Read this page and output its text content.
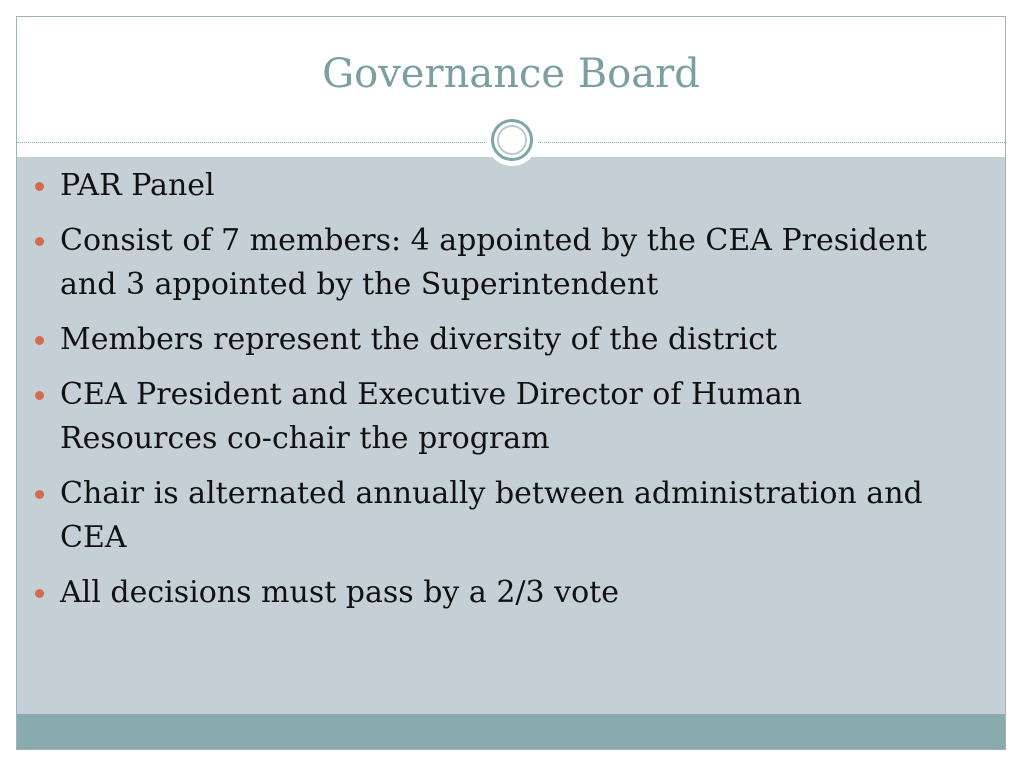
Governance Board
PAR Panel
Consist of 7 members: 4 appointed by the CEA President and 3 appointed by the Superintendent
Members represent the diversity of the district
CEA President and Executive Director of Human Resources co-chair the program
Chair is alternated annually between administration and CEA
All decisions must pass by a 2/3 vote
